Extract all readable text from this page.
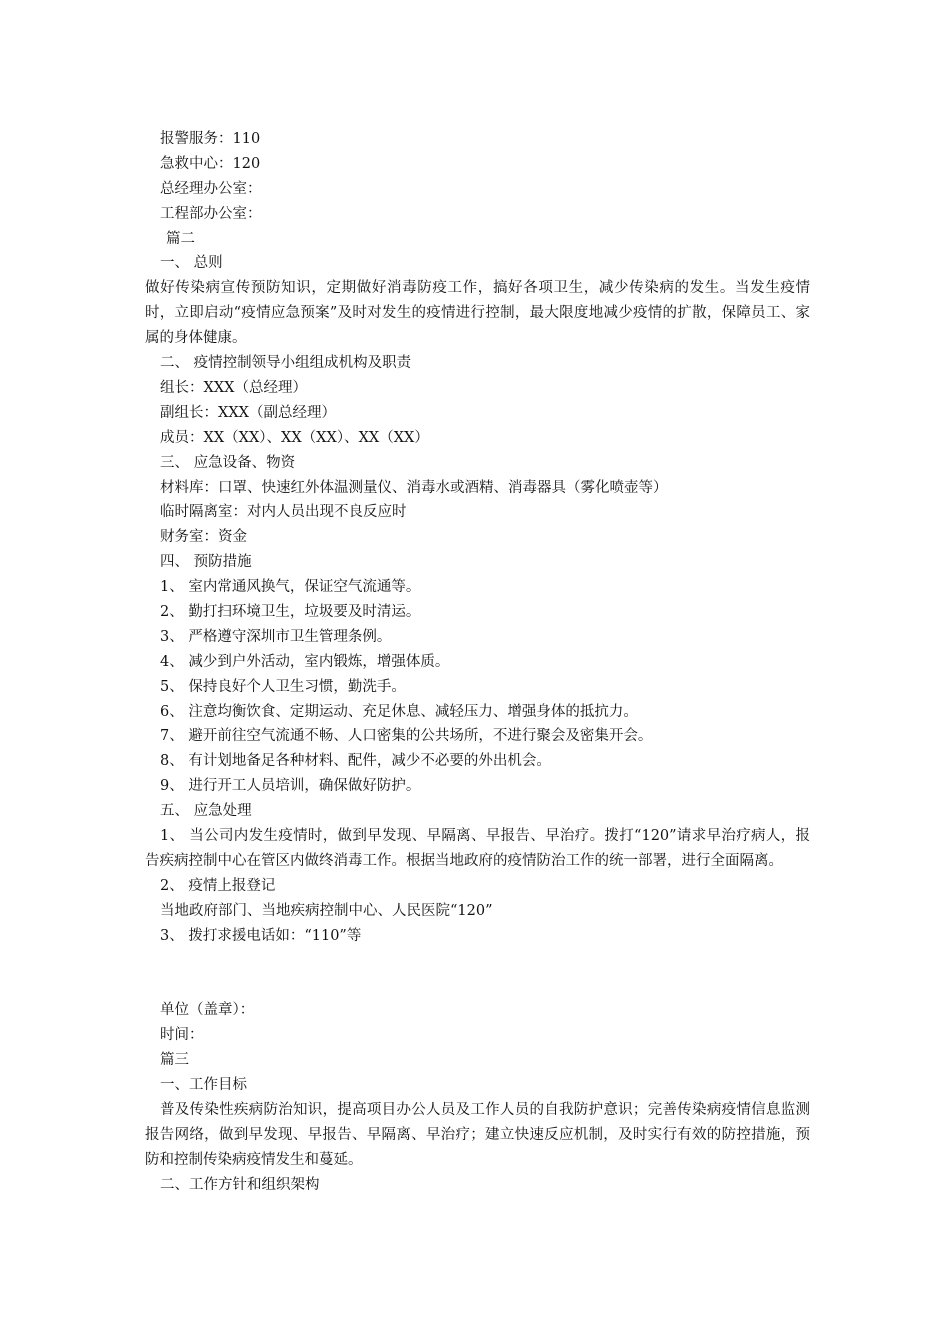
报警服务：110
急救中心：120
总经理办公室：
工程部办公室：
篇二
一、 总则
做好传染病宣传预防知识，定期做好消毒防疫工作，搞好各项卫生，减少传染病的发生。当发生疫情时，立即启动“疫情应急预案”及时对发生的疫情进行控制，最大限度地减少疫情的扩散，保障员工、家属的身体健康。
二、 疫情控制领导小组组成机构及职责
组长：XXX（总经理）
副组长：XXX（副总经理）
成员：XX（XX）、XX（XX）、XX（XX）
三、 应急设备、物资
材料库：口罩、快速红外体温测量仪、消毒水或酒精、消毒器具（雾化喷壶等）
临时隔离室：对内人员出现不良反应时
财务室：资金
四、 预防措施
1、 室内常通风换气，保证空气流通等。
2、 勤打扫环境卫生，垃圾要及时清运。
3、 严格遵守深圳市卫生管理条例。
4、 减少到户外活动，室内锻炼，增强体质。
5、 保持良好个人卫生习惯，勤洗手。
6、 注意均衡饮食、定期运动、充足休息、减轻压力、增强身体的抵抗力。
7、 避开前往空气流通不畅、人口密集的公共场所，不进行聚会及密集开会。
8、 有计划地备足各种材料、配件，减少不必要的外出机会。
9、 进行开工人员培训，确保做好防护。
五、 应急处理
1、 当公司内发生疫情时，做到早发现、早隔离、早报告、早治疗。拨打“120”请求早治疗病人，报告疾病控制中心在管区内做终消毒工作。根据当地政府的疫情防治工作的统一部署，进行全面隔离。
2、 疫情上报登记
当地政府部门、当地疾病控制中心、人民医院“120”
3、 拨打求援电话如：“110”等
单位（盖章）：
时间：
篇三
一、工作目标
普及传染性疾病防治知识，提高项目办公人员及工作人员的自我防护意识；完善传染病疫情信息监测报告网络，做到早发现、早报告、早隔离、早治疗；建立快速反应机制，及时实行有效的防控措施，预防和控制传染病疫情发生和蔓延。
二、工作方针和组织架构
